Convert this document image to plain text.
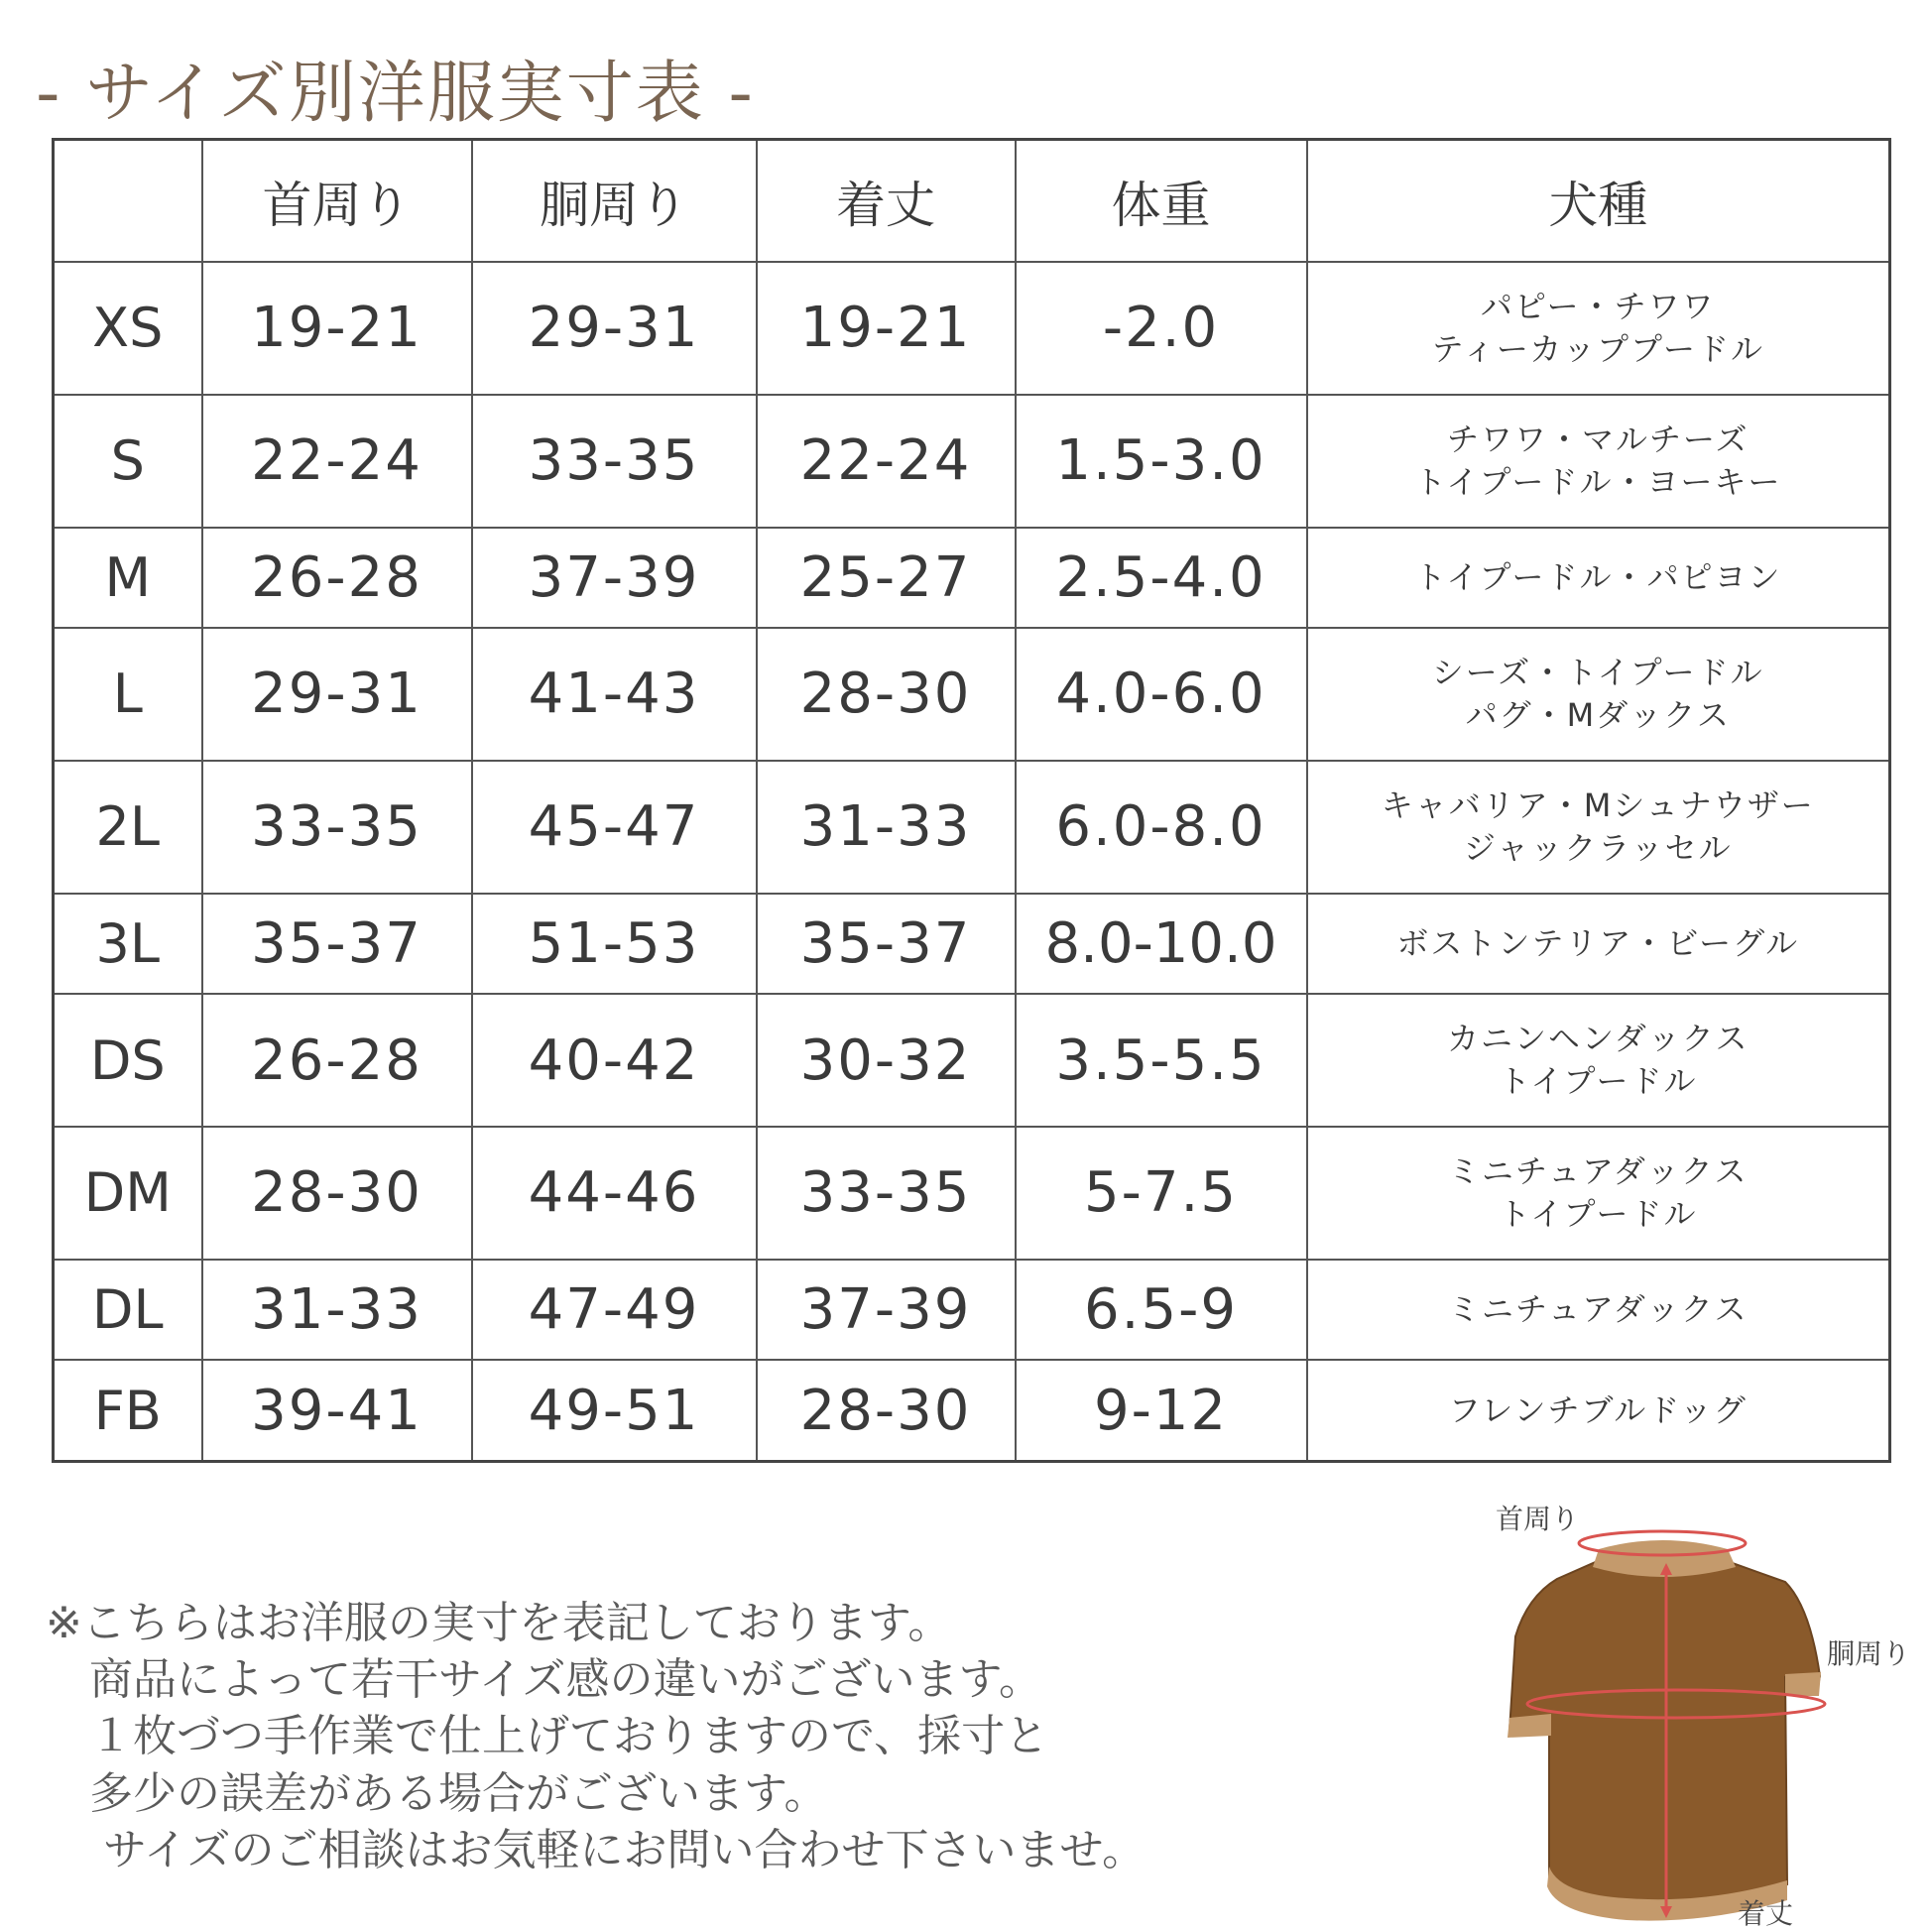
- サイズ別洋服実寸表 -
	首周り	胴周り	着丈	体重	犬種
XS	19-21	29-31	19-21	-2.0	パピー・チワワ
ティーカッププードル

S	22-24	33-35	22-24	1.5-3.0	チワワ・マルチーズ
トイプードル・ヨーキー

M	26-28	37-39	25-27	2.5-4.0	トイプードル・パピヨン

L	29-31	41-43	28-30	4.0-6.0	シーズ・トイプードル
パグ・Mダックス

2L	33-35	45-47	31-33	6.0-8.0	キャバリア・Mシュナウザー
ジャックラッセル

3L	35-37	51-53	35-37	8.0-10.0	ボストンテリア・ビーグル

DS	26-28	40-42	30-32	3.5-5.5	カニンヘンダックス
トイプードル

DM	28-30	44-46	33-35	5-7.5	ミニチュアダックス
トイプードル

DL	31-33	47-49	37-39	6.5-9	ミニチュアダックス

FB	39-41	49-51	28-30	9-12	フレンチブルドッグ
※こちらはお洋服の実寸を表記しております。
　商品によって若干サイズ感の違いがございます。
　１枚づつ手作業で仕上げておりますので、採寸と
　多少の誤差がある場合がございます。
　 サイズのご相談はお気軽にお問い合わせ下さいませ。
首周り
胴周り
着丈
